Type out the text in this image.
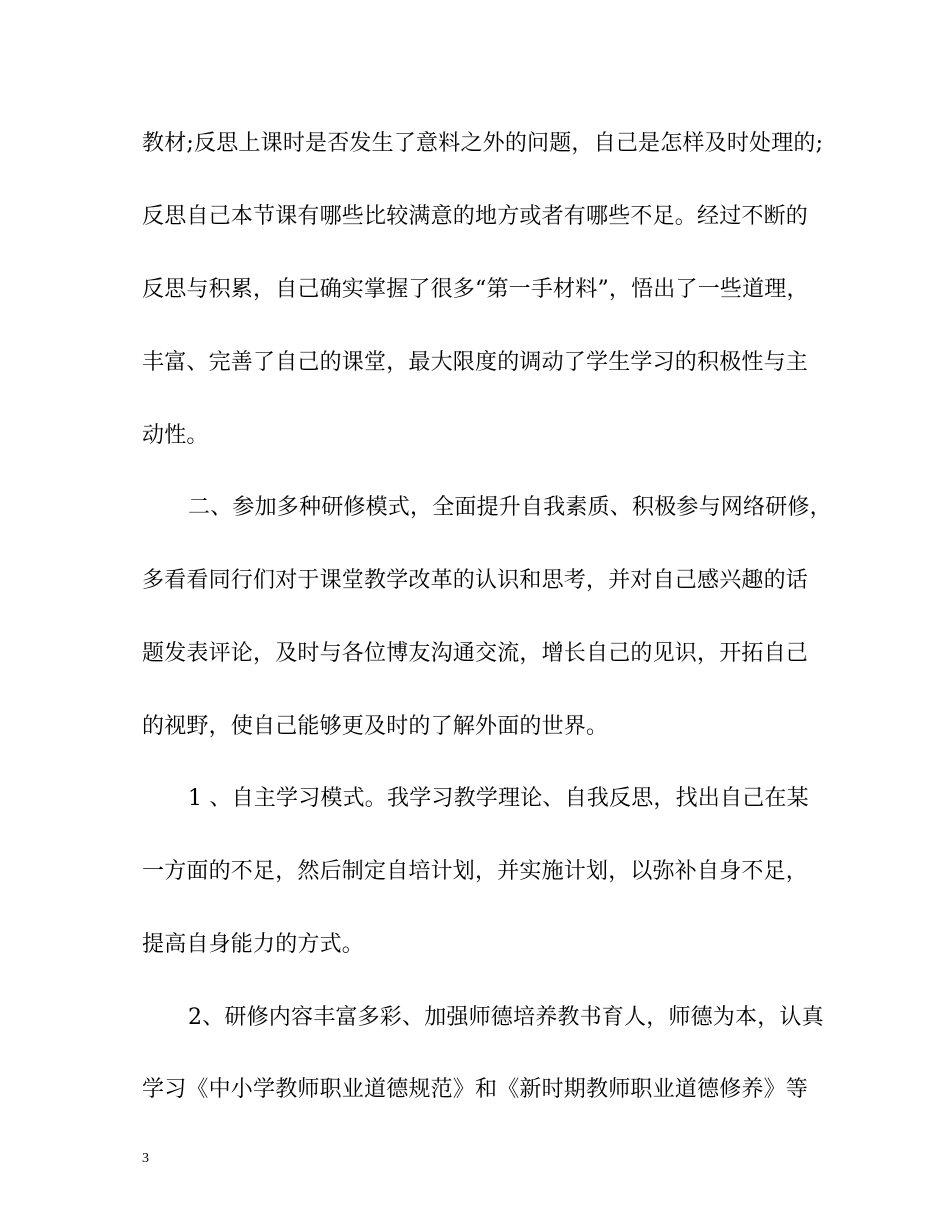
教材;反思上课时是否发生了意料之外的问题，自己是怎样及时处理的;
反思自己本节课有哪些比较满意的地方或者有哪些不足。经过不断的
反思与积累，自己确实掌握了很多“第一手材料”，悟出了一些道理，
丰富、完善了自己的课堂，最大限度的调动了学生学习的积极性与主
动性。
二、参加多种研修模式，全面提升自我素质、积极参与网络研修，
多看看同行们对于课堂教学改革的认识和思考，并对自己感兴趣的话
题发表评论，及时与各位博友沟通交流，增长自己的见识，开拓自己
的视野，使自己能够更及时的了解外面的世界。
1 、自主学习模式。我学习教学理论、自我反思，找出自己在某
一方面的不足，然后制定自培计划，并实施计划，以弥补自身不足，
提高自身能力的方式。
2、研修内容丰富多彩、加强师德培养教书育人，师德为本，认真
学习《中小学教师职业道德规范》和《新时期教师职业道德修养》等
3
